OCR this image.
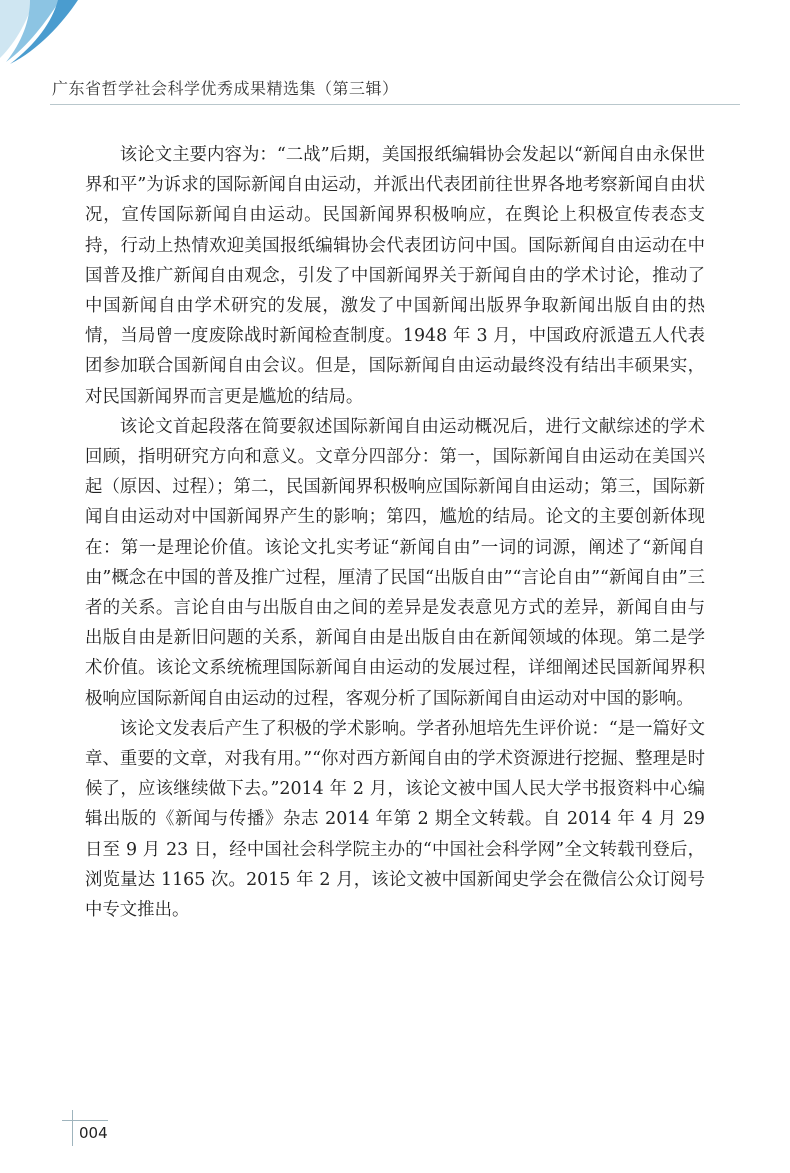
广东省哲学社会科学优秀成果精选集（第三辑）

该论文主要内容为：“二战”后期，美国报纸编辑协会发起以“新闻自由永保世界和平”为诉求的国际新闻自由运动，并派出代表团前往世界各地考察新闻自由状况，宣传国际新闻自由运动。民国新闻界积极响应，在舆论上积极宣传表态支持，行动上热情欢迎美国报纸编辑协会代表团访问中国。国际新闻自由运动在中国普及推广新闻自由观念，引发了中国新闻界关于新闻自由的学术讨论，推动了中国新闻自由学术研究的发展，激发了中国新闻出版界争取新闻出版自由的热情，当局曾一度废除战时新闻检查制度。1948 年 3 月，中国政府派遣五人代表团参加联合国新闻自由会议。但是，国际新闻自由运动最终没有结出丰硕果实，对民国新闻界而言更是尴尬的结局。

该论文首起段落在简要叙述国际新闻自由运动概况后，进行文献综述的学术回顾，指明研究方向和意义。文章分四部分：第一，国际新闻自由运动在美国兴起（原因、过程）；第二，民国新闻界积极响应国际新闻自由运动；第三，国际新闻自由运动对中国新闻界产生的影响；第四，尴尬的结局。论文的主要创新体现在：第一是理论价值。该论文扎实考证“新闻自由”一词的词源，阐述了“新闻自由”概念在中国的普及推广过程，厘清了民国“出版自由”“言论自由”“新闻自由”三者的关系。言论自由与出版自由之间的差异是发表意见方式的差异，新闻自由与出版自由是新旧问题的关系，新闻自由是出版自由在新闻领域的体现。第二是学术价值。该论文系统梳理国际新闻自由运动的发展过程，详细阐述民国新闻界积极响应国际新闻自由运动的过程，客观分析了国际新闻自由运动对中国的影响。

该论文发表后产生了积极的学术影响。学者孙旭培先生评价说：“是一篇好文章、重要的文章，对我有用。”“你对西方新闻自由的学术资源进行挖掘、整理是时候了，应该继续做下去。”2014 年 2 月，该论文被中国人民大学书报资料中心编辑出版的《新闻与传播》杂志 2014 年第 2 期全文转载。自 2014 年 4 月 29 日至 9 月 23 日，经中国社会科学院主办的“中国社会科学网”全文转载刊登后，浏览量达 1165 次。2015 年 2 月，该论文被中国新闻史学会在微信公众订阅号中专文推出。

004
